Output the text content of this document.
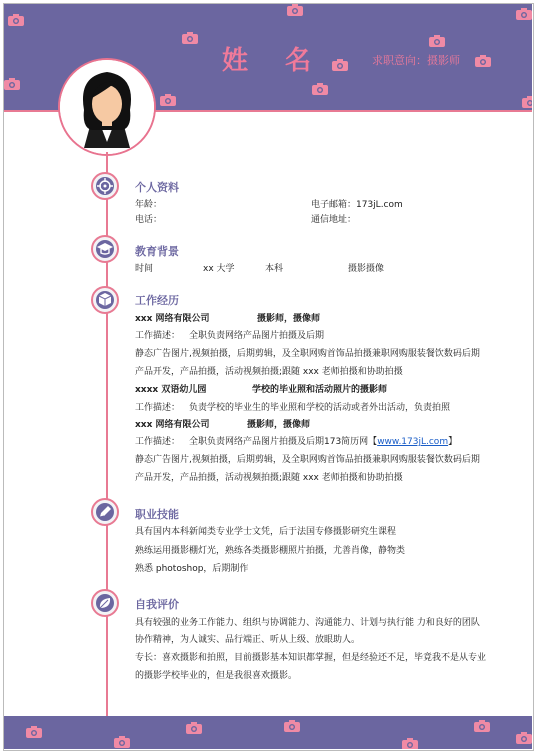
姓 名	求职意向：摄影师
个人资料
年龄：	电子邮箱：173jL.com
电话：	通信地址：
教育背景
时间	xx 大学	本科	摄影摄像
工作经历
xxx 网络有限公司	摄影师，摄像师
工作描述： 全职负责网络产品图片拍摄及后期
静态广告图片,视频拍摄，后期剪辑，及全职网购首饰品拍摄兼职网购服装餐饮数码后期
产品开发，产品拍摄，活动视频拍摄;跟随 xxx 老师拍摄和协助拍摄
xxxx 双语幼儿园	学校的毕业照和活动照片的摄影师
工作描述： 负责学校的毕业生的毕业照和学校的活动或者外出活动，负责拍照
xxx 网络有限公司	摄影师，摄像师
工作描述： 全职负责网络产品图片拍摄及后期173简历网【www.173jL.com】
静态广告图片,视频拍摄，后期剪辑，及全职网购首饰品拍摄兼职网购服装餐饮数码后期
产品开发，产品拍摄，活动视频拍摄;跟随 xxx 老师拍摄和协助拍摄
职业技能
具有国内本科新闻类专业学士文凭，后于法国专修摄影研究生课程
熟练运用摄影棚灯光，熟练各类摄影棚照片拍摄，尤善肖像，静物类
熟悉 photoshop，后期制作
自我评价
具有较强的业务工作能力、组织与协调能力、沟通能力、计划与执行能 力和良好的团队
协作精神，为人诚实、品行端正、听从上级、放眼助人。
专长：喜欢摄影和拍照，目前摄影基本知识都掌握，但是经验还不足，毕竟我不是从专业
的摄影学校毕业的，但是我很喜欢摄影。
